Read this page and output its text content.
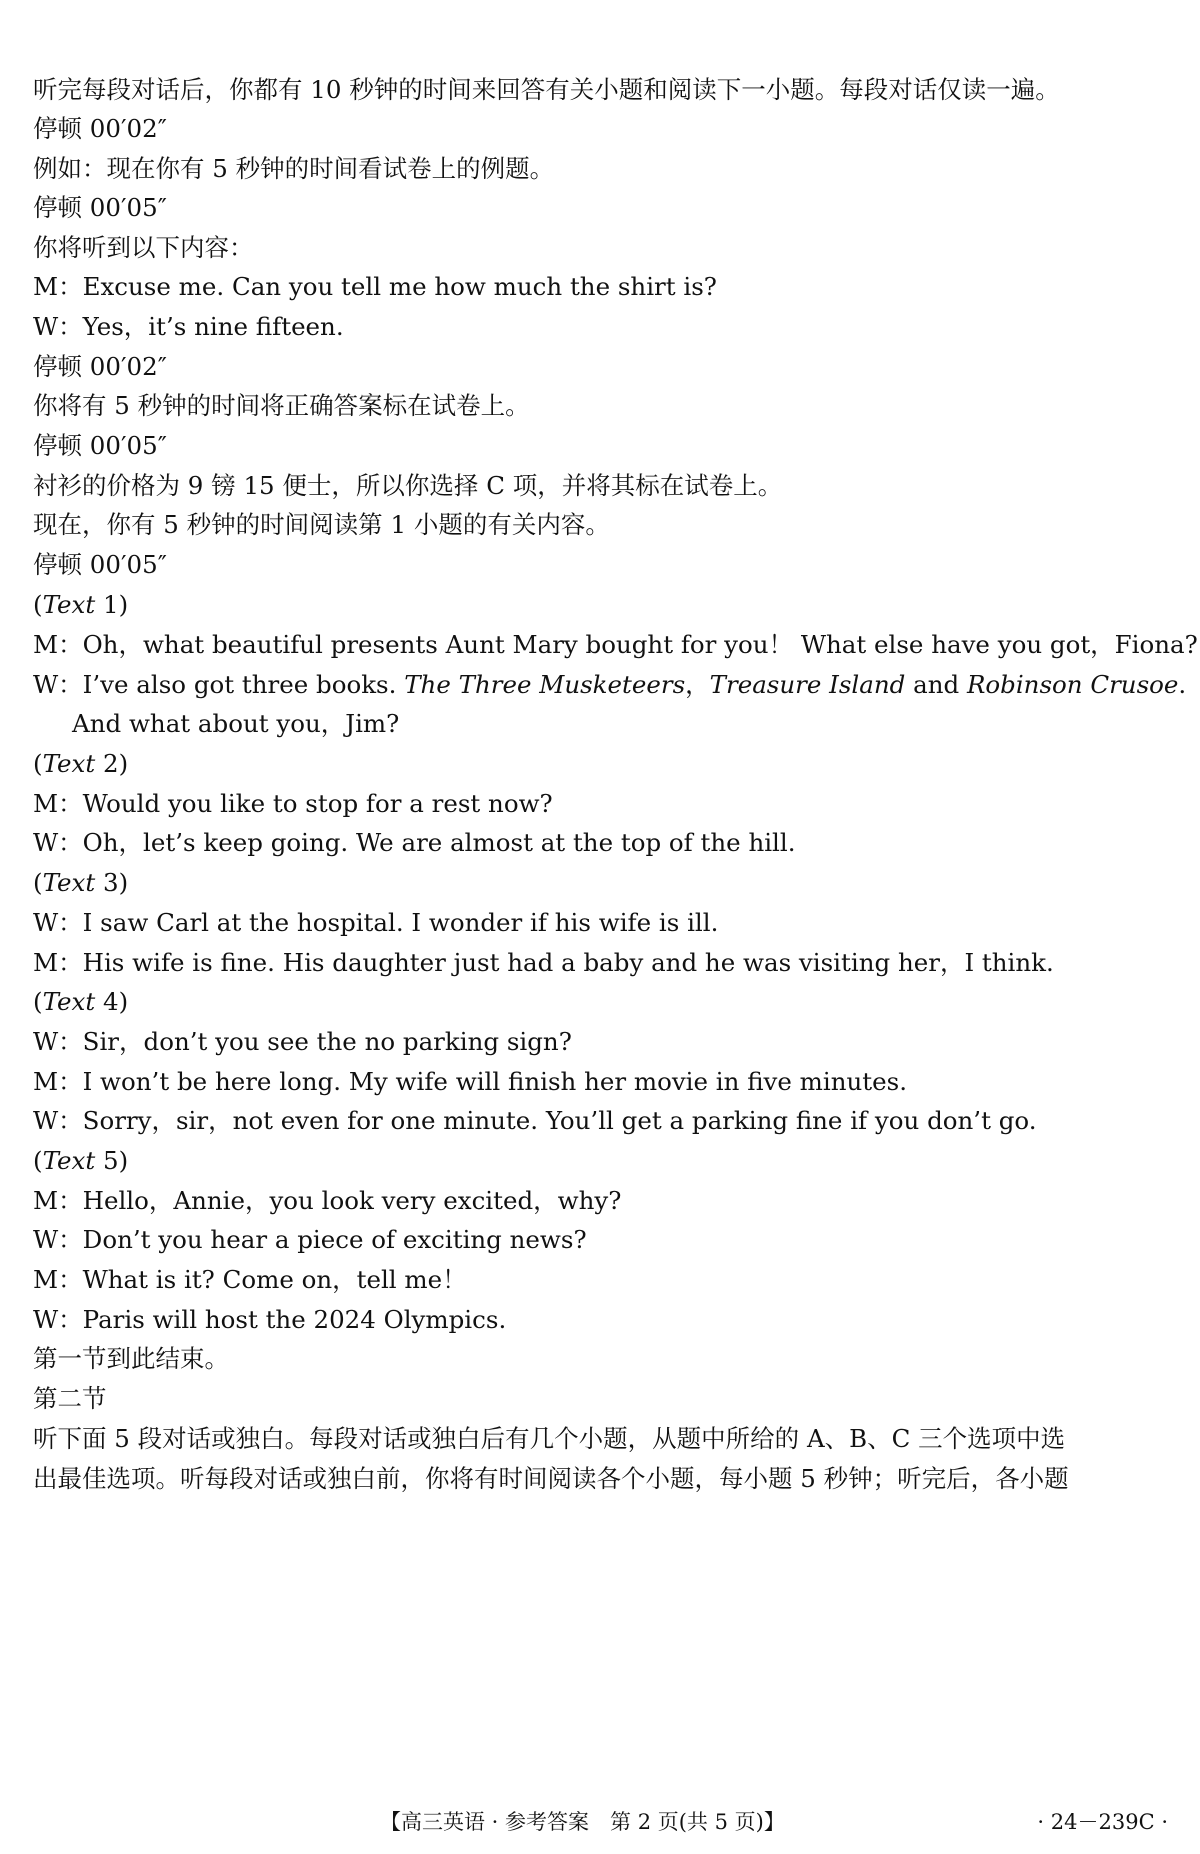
听完每段对话后，你都有 10 秒钟的时间来回答有关小题和阅读下一小题。每段对话仅读一遍。
停顿 00′02″
例如：现在你有 5 秒钟的时间看试卷上的例题。
停顿 00′05″
你将听到以下内容：
M：Excuse me. Can you tell me how much the shirt is?
W：Yes，it’s nine fifteen.
停顿 00′02″
你将有 5 秒钟的时间将正确答案标在试卷上。
停顿 00′05″
衬衫的价格为 9 镑 15 便士，所以你选择 C 项，并将其标在试卷上。
现在，你有 5 秒钟的时间阅读第 1 小题的有关内容。
停顿 00′05″
(Text 1)
M：Oh，what beautiful presents Aunt Mary bought for you！ What else have you got，Fiona?
W：I’ve also got three books. The Three Musketeers，Treasure Island and Robinson Crusoe.
And what about you，Jim?
(Text 2)
M：Would you like to stop for a rest now?
W：Oh，let’s keep going. We are almost at the top of the hill.
(Text 3)
W：I saw Carl at the hospital. I wonder if his wife is ill.
M：His wife is fine. His daughter just had a baby and he was visiting her，I think.
(Text 4)
W：Sir，don’t you see the no parking sign?
M：I won’t be here long. My wife will finish her movie in five minutes.
W：Sorry，sir，not even for one minute. You’ll get a parking fine if you don’t go.
(Text 5)
M：Hello，Annie，you look very excited，why?
W：Don’t you hear a piece of exciting news?
M：What is it? Come on，tell me！
W：Paris will host the 2024 Olympics.
第一节到此结束。
第二节
听下面 5 段对话或独白。每段对话或独白后有几个小题，从题中所给的 A、B、C 三个选项中选
出最佳选项。听每段对话或独白前，你将有时间阅读各个小题，每小题 5 秒钟；听完后，各小题
【高三英语 · 参考答案　第 2 页(共 5 页)】	· 24－239C ·
